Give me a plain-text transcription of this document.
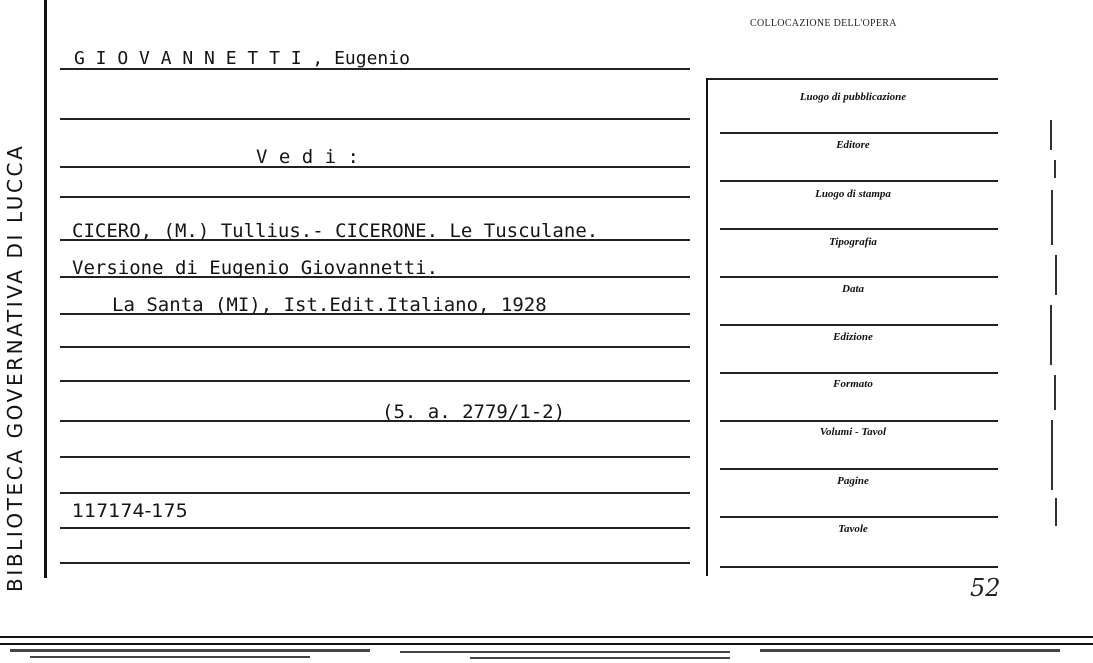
BIBLIOTECA GOVERNATIVA DI LUCCA
G I O V A N N E T T I , Eugenio
V e d i :
CICERO, (M.) Tullius.- CICERONE. Le Tusculane.
Versione di Eugenio Giovannetti.
La Santa (MI), Ist.Edit.Italiano, 1928
(5. a. 2779/1-2)
117174-175
COLLOCAZIONE DELL'OPERA
Luogo di pubblicazione
Editore
Luogo di stampa
Tipografia
Data
Edizione
Formato
Volumi - Tavol
Pagine
Tavole
52
